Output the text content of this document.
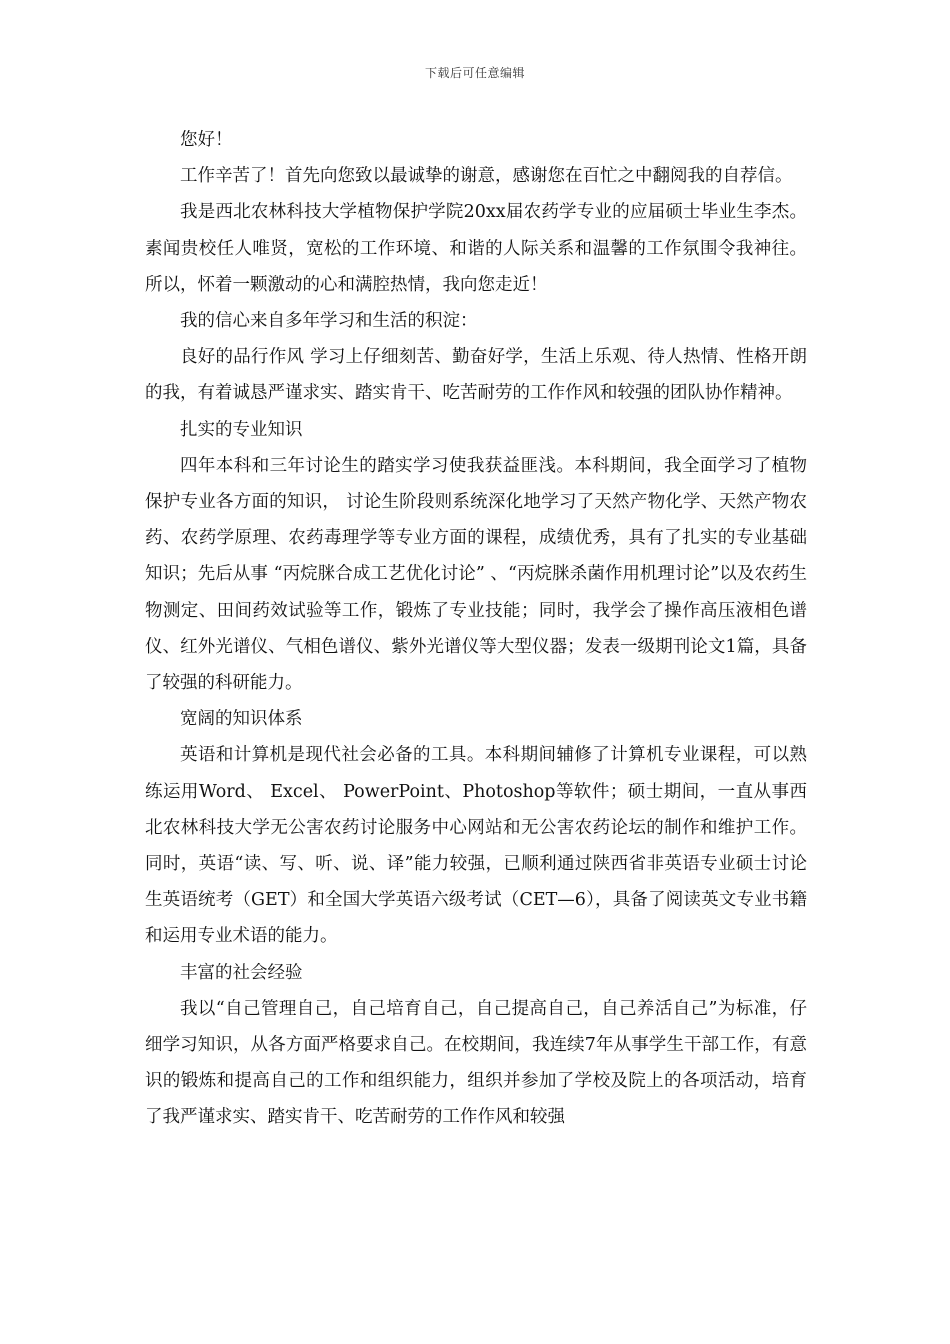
下载后可任意编辑

您好！

工作辛苦了！首先向您致以最诚挚的谢意，感谢您在百忙之中翻阅我的自荐信。

我是西北农林科技大学植物保护学院20xx届农药学专业的应届硕士毕业生李杰。素闻贵校任人唯贤，宽松的工作环境、和谐的人际关系和温馨的工作氛围令我神往。所以，怀着一颗激动的心和满腔热情，我向您走近！

我的信心来自多年学习和生活的积淀：

良好的品行作风 学习上仔细刻苦、勤奋好学，生活上乐观、待人热情、性格开朗的我，有着诚恳严谨求实、踏实肯干、吃苦耐劳的工作作风和较强的团队协作精神。

扎实的专业知识

四年本科和三年讨论生的踏实学习使我获益匪浅。本科期间，我全面学习了植物保护专业各方面的知识， 讨论生阶段则系统深化地学习了天然产物化学、天然产物农药、农药学原理、农药毒理学等专业方面的课程，成绩优秀，具有了扎实的专业基础知识；先后从事 “丙烷脒合成工艺优化讨论” 、“丙烷脒杀菌作用机理讨论”以及农药生物测定、田间药效试验等工作，锻炼了专业技能；同时，我学会了操作高压液相色谱仪、红外光谱仪、气相色谱仪、紫外光谱仪等大型仪器；发表一级期刊论文1篇，具备了较强的科研能力。

宽阔的知识体系

英语和计算机是现代社会必备的工具。本科期间辅修了计算机专业课程，可以熟练运用Word、 Excel、 PowerPoint、Photoshop等软件；硕士期间，一直从事西北农林科技大学无公害农药讨论服务中心网站和无公害农药论坛的制作和维护工作。同时，英语“读、写、听、说、译”能力较强，已顺利通过陕西省非英语专业硕士讨论生英语统考（GET）和全国大学英语六级考试（CET—6），具备了阅读英文专业书籍和运用专业术语的能力。

丰富的社会经验

我以“自己管理自己，自己培育自己，自己提高自己，自己养活自己”为标准，仔细学习知识，从各方面严格要求自己。在校期间，我连续7年从事学生干部工作，有意识的锻炼和提高自己的工作和组织能力，组织并参加了学校及院上的各项活动，培育了我严谨求实、踏实肯干、吃苦耐劳的工作作风和较强
